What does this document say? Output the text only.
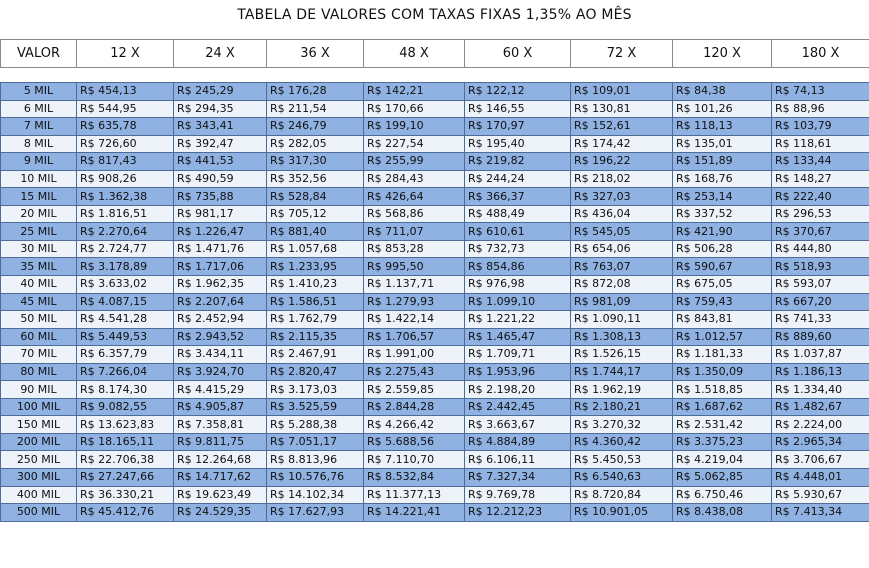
TABELA DE VALORES COM TAXAS FIXAS 1,35% AO MÊS
VALOR	12 X	24 X	36 X	48 X	60 X	72 X	120 X	180 X

5 MIL	R$ 454,13	R$ 245,29	R$ 176,28	R$ 142,21	R$ 122,12	R$ 109,01	R$ 84,38	R$ 74,13
6 MIL	R$ 544,95	R$ 294,35	R$ 211,54	R$ 170,66	R$ 146,55	R$ 130,81	R$ 101,26	R$ 88,96
7 MIL	R$ 635,78	R$ 343,41	R$ 246,79	R$ 199,10	R$ 170,97	R$ 152,61	R$ 118,13	R$ 103,79
8 MIL	R$ 726,60	R$ 392,47	R$ 282,05	R$ 227,54	R$ 195,40	R$ 174,42	R$ 135,01	R$ 118,61
9 MIL	R$ 817,43	R$ 441,53	R$ 317,30	R$ 255,99	R$ 219,82	R$ 196,22	R$ 151,89	R$ 133,44
10 MIL	R$ 908,26	R$ 490,59	R$ 352,56	R$ 284,43	R$ 244,24	R$ 218,02	R$ 168,76	R$ 148,27
15 MIL	R$ 1.362,38	R$ 735,88	R$ 528,84	R$ 426,64	R$ 366,37	R$ 327,03	R$ 253,14	R$ 222,40
20 MIL	R$ 1.816,51	R$ 981,17	R$ 705,12	R$ 568,86	R$ 488,49	R$ 436,04	R$ 337,52	R$ 296,53
25 MIL	R$ 2.270,64	R$ 1.226,47	R$ 881,40	R$ 711,07	R$ 610,61	R$ 545,05	R$ 421,90	R$ 370,67
30 MIL	R$ 2.724,77	R$ 1.471,76	R$ 1.057,68	R$ 853,28	R$ 732,73	R$ 654,06	R$ 506,28	R$ 444,80
35 MIL	R$ 3.178,89	R$ 1.717,06	R$ 1.233,95	R$ 995,50	R$ 854,86	R$ 763,07	R$ 590,67	R$ 518,93
40 MIL	R$ 3.633,02	R$ 1.962,35	R$ 1.410,23	R$ 1.137,71	R$ 976,98	R$ 872,08	R$ 675,05	R$ 593,07
45 MIL	R$ 4.087,15	R$ 2.207,64	R$ 1.586,51	R$ 1.279,93	R$ 1.099,10	R$ 981,09	R$ 759,43	R$ 667,20
50 MIL	R$ 4.541,28	R$ 2.452,94	R$ 1.762,79	R$ 1.422,14	R$ 1.221,22	R$ 1.090,11	R$ 843,81	R$ 741,33
60 MIL	R$ 5.449,53	R$ 2.943,52	R$ 2.115,35	R$ 1.706,57	R$ 1.465,47	R$ 1.308,13	R$ 1.012,57	R$ 889,60
70 MIL	R$ 6.357,79	R$ 3.434,11	R$ 2.467,91	R$ 1.991,00	R$ 1.709,71	R$ 1.526,15	R$ 1.181,33	R$ 1.037,87
80 MIL	R$ 7.266,04	R$ 3.924,70	R$ 2.820,47	R$ 2.275,43	R$ 1.953,96	R$ 1.744,17	R$ 1.350,09	R$ 1.186,13
90 MIL	R$ 8.174,30	R$ 4.415,29	R$ 3.173,03	R$ 2.559,85	R$ 2.198,20	R$ 1.962,19	R$ 1.518,85	R$ 1.334,40
100 MIL	R$ 9.082,55	R$ 4.905,87	R$ 3.525,59	R$ 2.844,28	R$ 2.442,45	R$ 2.180,21	R$ 1.687,62	R$ 1.482,67
150 MIL	R$ 13.623,83	R$ 7.358,81	R$ 5.288,38	R$ 4.266,42	R$ 3.663,67	R$ 3.270,32	R$ 2.531,42	R$ 2.224,00
200 MIL	R$ 18.165,11	R$ 9.811,75	R$ 7.051,17	R$ 5.688,56	R$ 4.884,89	R$ 4.360,42	R$ 3.375,23	R$ 2.965,34
250 MIL	R$ 22.706,38	R$ 12.264,68	R$ 8.813,96	R$ 7.110,70	R$ 6.106,11	R$ 5.450,53	R$ 4.219,04	R$ 3.706,67
300 MIL	R$ 27.247,66	R$ 14.717,62	R$ 10.576,76	R$ 8.532,84	R$ 7.327,34	R$ 6.540,63	R$ 5.062,85	R$ 4.448,01
400 MIL	R$ 36.330,21	R$ 19.623,49	R$ 14.102,34	R$ 11.377,13	R$ 9.769,78	R$ 8.720,84	R$ 6.750,46	R$ 5.930,67
500 MIL	R$ 45.412,76	R$ 24.529,35	R$ 17.627,93	R$ 14.221,41	R$ 12.212,23	R$ 10.901,05	R$ 8.438,08	R$ 7.413,34
